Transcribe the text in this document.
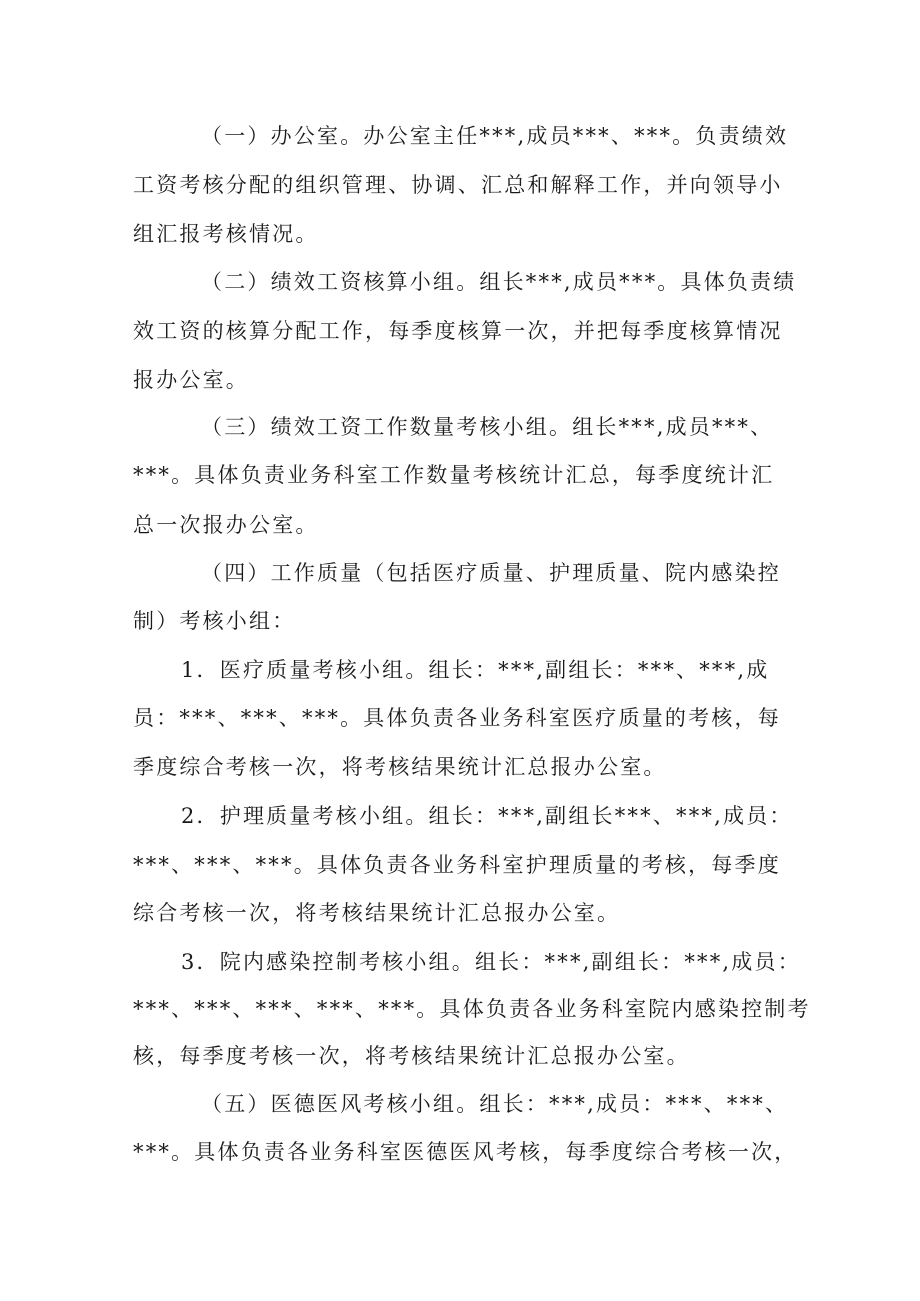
（一）办公室。办公室主任***,成员***、***。负责绩效
工资考核分配的组织管理、协调、汇总和解释工作，并向领导小
组汇报考核情况。
（二）绩效工资核算小组。组长***,成员***。具体负责绩
效工资的核算分配工作，每季度核算一次，并把每季度核算情况
报办公室。
（三）绩效工资工作数量考核小组。组长***,成员***、
***。具体负责业务科室工作数量考核统计汇总，每季度统计汇
总一次报办公室。
（四）工作质量（包括医疗质量、护理质量、院内感染控
制）考核小组：
1．医疗质量考核小组。组长：***,副组长：***、***,成
员：***、***、***。具体负责各业务科室医疗质量的考核，每
季度综合考核一次，将考核结果统计汇总报办公室。
2．护理质量考核小组。组长：***,副组长***、***,成员：
***、***、***。具体负责各业务科室护理质量的考核，每季度
综合考核一次，将考核结果统计汇总报办公室。
3．院内感染控制考核小组。组长：***,副组长：***,成员：
***、***、***、***、***。具体负责各业务科室院内感染控制考
核，每季度考核一次，将考核结果统计汇总报办公室。
（五）医德医风考核小组。组长：***,成员：***、***、
***。具体负责各业务科室医德医风考核，每季度综合考核一次，
